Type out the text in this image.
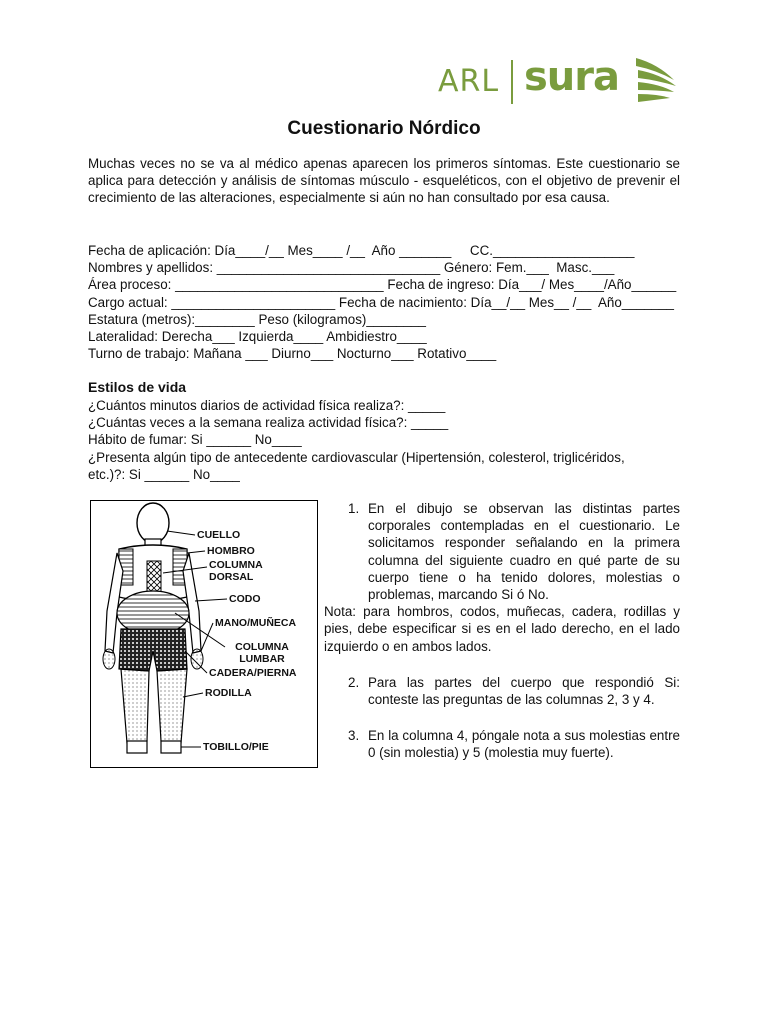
ARL sura
Cuestionario Nórdico
Muchas veces no se va al médico apenas aparecen los primeros síntomas. Este cuestionario se aplica para detección y análisis de síntomas músculo - esqueléticos, con el objetivo de prevenir el crecimiento de las alteraciones, especialmente si aún no han consultado por esa causa.
Fecha de aplicación: Día____/__ Mes____ /__  Año _______     CC.___________________
Nombres y apellidos: ______________________________ Género: Fem.___  Masc.___
Área proceso: ____________________________ Fecha de ingreso: Día___/ Mes____/Año______
Cargo actual: ______________________ Fecha de nacimiento: Día__/__ Mes__ /__  Año_______
Estatura (metros):________ Peso (kilogramos)________
Lateralidad: Derecha___ Izquierda____ Ambidiestro____
Turno de trabajo: Mañana ___ Diurno___ Nocturno___ Rotativo____
Estilos de vida
¿Cuántos minutos diarios de actividad física realiza?: _____
¿Cuántas veces a la semana realiza actividad física?: _____
Hábito de fumar: Si ______ No____
¿Presenta algún tipo de antecedente cardiovascular (Hipertensión, colesterol, triglicéridos,
etc.)?: Si ______ No____
CUELLO
HOMBRO
COLUMNA DORSAL
CODO
MANO/MUÑECA
COLUMNA LUMBAR
CADERA/PIERNA
RODILLA
TOBILLO/PIE
1. En el dibujo se observan las distintas partes corporales contempladas en el cuestionario. Le solicitamos responder señalando en la primera columna del siguiente cuadro en qué parte de su cuerpo tiene o ha tenido dolores, molestias o problemas, marcando Si ó No.
Nota: para hombros, codos, muñecas, cadera, rodillas y pies, debe especificar si es en el lado derecho, en el lado izquierdo o en ambos lados.
2. Para las partes del cuerpo que respondió Si: conteste las preguntas de las columnas 2, 3 y 4.
3. En la columna 4, póngale nota a sus molestias entre 0 (sin molestia) y 5 (molestia muy fuerte).
